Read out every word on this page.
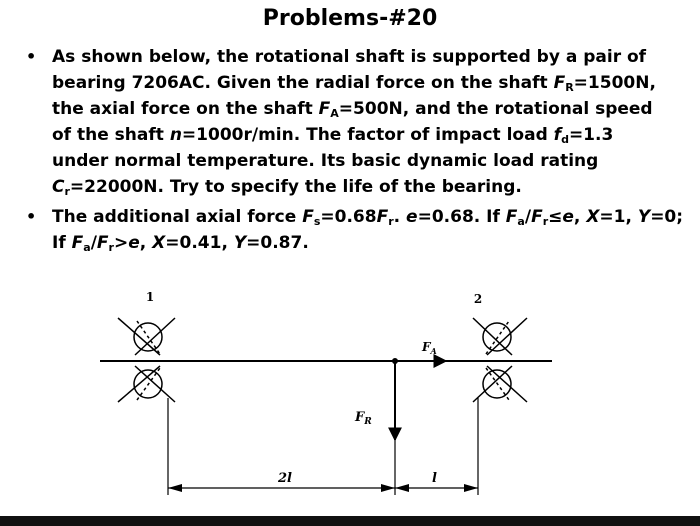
Problems-#20
• As shown below, the rotational shaft is supported by a pair of
bearing 7206AC. Given the radial force on the shaft $F_R=1500N$,
the axial force on the shaft $F_A=500N$, and the rotational speed
of the shaft n=1000r/min. The factor of impact load $f_d=1.3$
under normal temperature. Its basic dynamic load rating
$C_r=22000N$. Try to specify the life of the bearing.
• The additional axial force $F_s=0.68F_r$. e=0.68. If $F_a/F_r\le e$, X=1, Y=0;
If $F_a/F_r>e$, X=0.41, Y=0.87.
1	2
$F_R$
$F_A$
2l	l
